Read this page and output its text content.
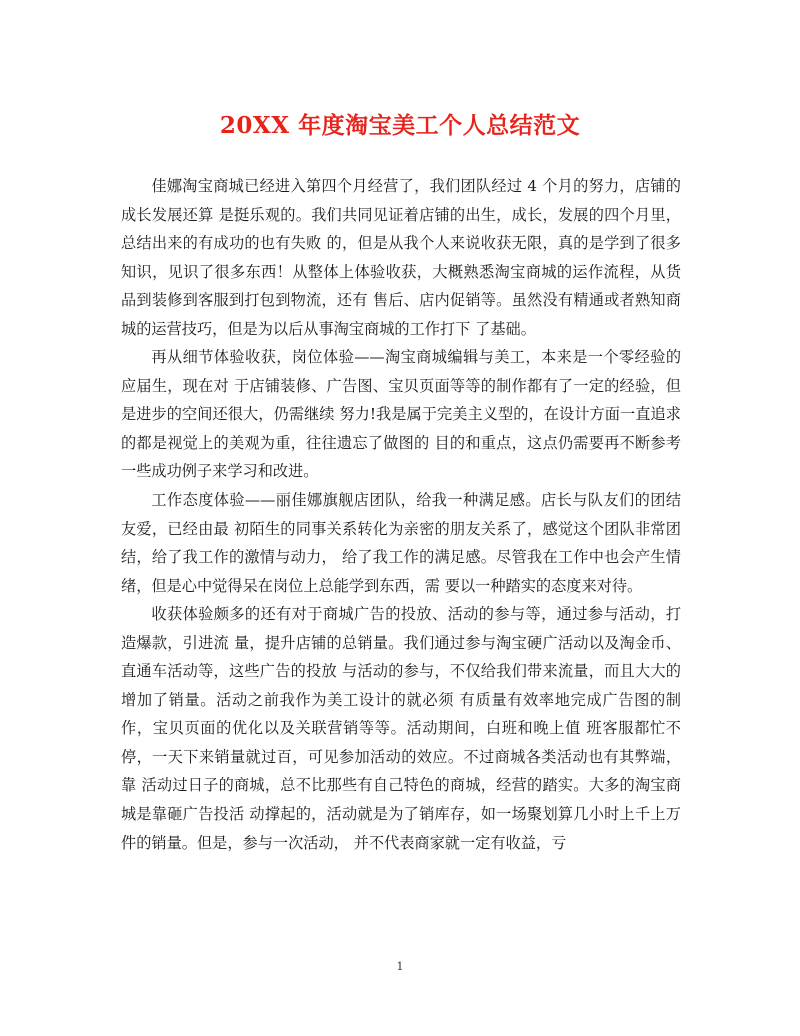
20XX 年度淘宝美工个人总结范文

佳娜淘宝商城已经进入第四个月经营了，我们团队经过 4 个月的努力，店铺的成长发展还算 是挺乐观的。我们共同见证着店铺的出生，成长，发展的四个月里，总结出来的有成功的也有失败 的，但是从我个人来说收获无限，真的是学到了很多知识，见识了很多东西！从整体上体验收获，大概熟悉淘宝商城的运作流程，从货品到装修到客服到打包到物流，还有 售后、店内促销等。虽然没有精通或者熟知商城的运营技巧，但是为以后从事淘宝商城的工作打下 了基础。

再从细节体验收获，岗位体验——淘宝商城编辑与美工，本来是一个零经验的应届生，现在对 于店铺装修、广告图、宝贝页面等等的制作都有了一定的经验，但是进步的空间还很大，仍需继续 努力!我是属于完美主义型的，在设计方面一直追求的都是视觉上的美观为重，往往遗忘了做图的 目的和重点，这点仍需要再不断参考一些成功例子来学习和改进。

工作态度体验——丽佳娜旗舰店团队，给我一种满足感。店长与队友们的团结友爱，已经由最 初陌生的同事关系转化为亲密的朋友关系了，感觉这个团队非常团结，给了我工作的激情与动力， 给了我工作的满足感。尽管我在工作中也会产生情绪，但是心中觉得呆在岗位上总能学到东西，需 要以一种踏实的态度来对待。

收获体验颇多的还有对于商城广告的投放、活动的参与等，通过参与活动，打造爆款，引进流 量，提升店铺的总销量。我们通过参与淘宝硬广活动以及淘金币、直通车活动等，这些广告的投放 与活动的参与，不仅给我们带来流量，而且大大的增加了销量。活动之前我作为美工设计的就必须 有质量有效率地完成广告图的制作，宝贝页面的优化以及关联营销等等。活动期间，白班和晚上值 班客服都忙不停，一天下来销量就过百，可见参加活动的效应。不过商城各类活动也有其弊端，靠 活动过日子的商城，总不比那些有自己特色的商城，经营的踏实。大多的淘宝商城是靠砸广告投活 动撑起的，活动就是为了销库存，如一场聚划算几小时上千上万件的销量。但是，参与一次活动， 并不代表商家就一定有收益，亏

1
